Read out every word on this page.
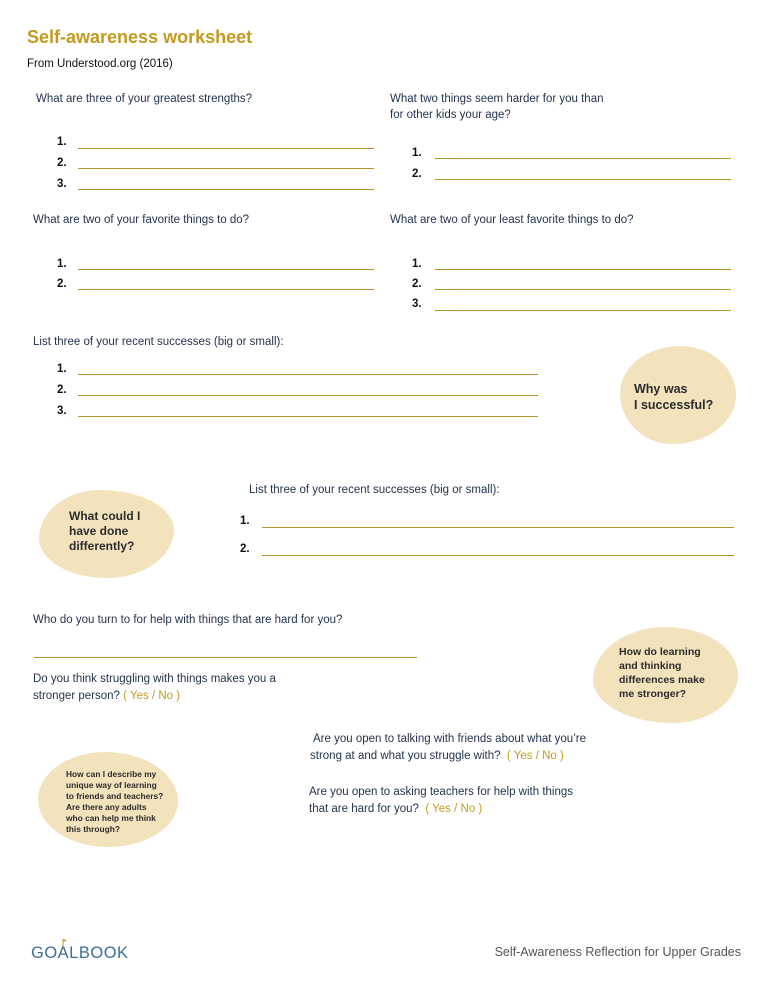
Self-awareness worksheet
From Understood.org (2016)
What are three of your greatest strengths?
1.
2.
3.
What two things seem harder for you than
for other kids your age?
1.
2.
What are two of your favorite things to do?
1.
2.
What are two of your least favorite things to do?
1.
2.
3.
List three of your recent successes (big or small):
1.
2.
3.
Why was
I successful?
List three of your recent successes (big or small):
1.
2.
What could I
have done
differently?
Who do you turn to for help with things that are hard for you?
Do you think struggling with things makes you a
stronger person? ( Yes / No )
How do learning
and thinking
differences make
me stronger?
Are you open to talking with friends about what you’re
strong at and what you struggle with? ( Yes / No )
Are you open to asking teachers for help with things
that are hard for you? ( Yes / No )
How can I describe my
unique way of learning
to friends and teachers?
Are there any adults
who can help me think
this through?
GOALBOOK	Self-Awareness Reflection for Upper Grades
